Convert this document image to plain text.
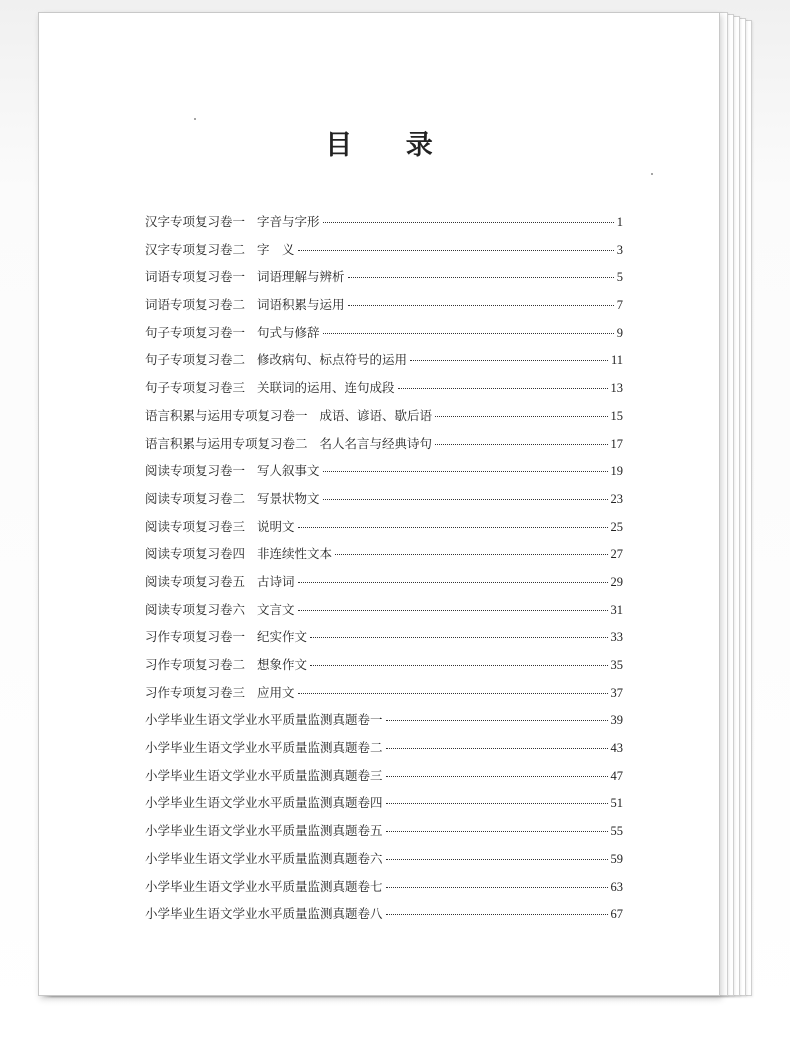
目 录
汉字专项复习卷一 字音与字形	1
汉字专项复习卷二 字　义	3
词语专项复习卷一 词语理解与辨析	5
词语专项复习卷二 词语积累与运用	7
句子专项复习卷一 句式与修辞	9
句子专项复习卷二 修改病句、标点符号的运用	11
句子专项复习卷三 关联词的运用、连句成段	13
语言积累与运用专项复习卷一 成语、谚语、歇后语	15
语言积累与运用专项复习卷二 名人名言与经典诗句	17
阅读专项复习卷一 写人叙事文	19
阅读专项复习卷二 写景状物文	23
阅读专项复习卷三 说明文	25
阅读专项复习卷四 非连续性文本	27
阅读专项复习卷五 古诗词	29
阅读专项复习卷六 文言文	31
习作专项复习卷一 纪实作文	33
习作专项复习卷二 想象作文	35
习作专项复习卷三 应用文	37
小学毕业生语文学业水平质量监测真题卷一	39
小学毕业生语文学业水平质量监测真题卷二	43
小学毕业生语文学业水平质量监测真题卷三	47
小学毕业生语文学业水平质量监测真题卷四	51
小学毕业生语文学业水平质量监测真题卷五	55
小学毕业生语文学业水平质量监测真题卷六	59
小学毕业生语文学业水平质量监测真题卷七	63
小学毕业生语文学业水平质量监测真题卷八	67
